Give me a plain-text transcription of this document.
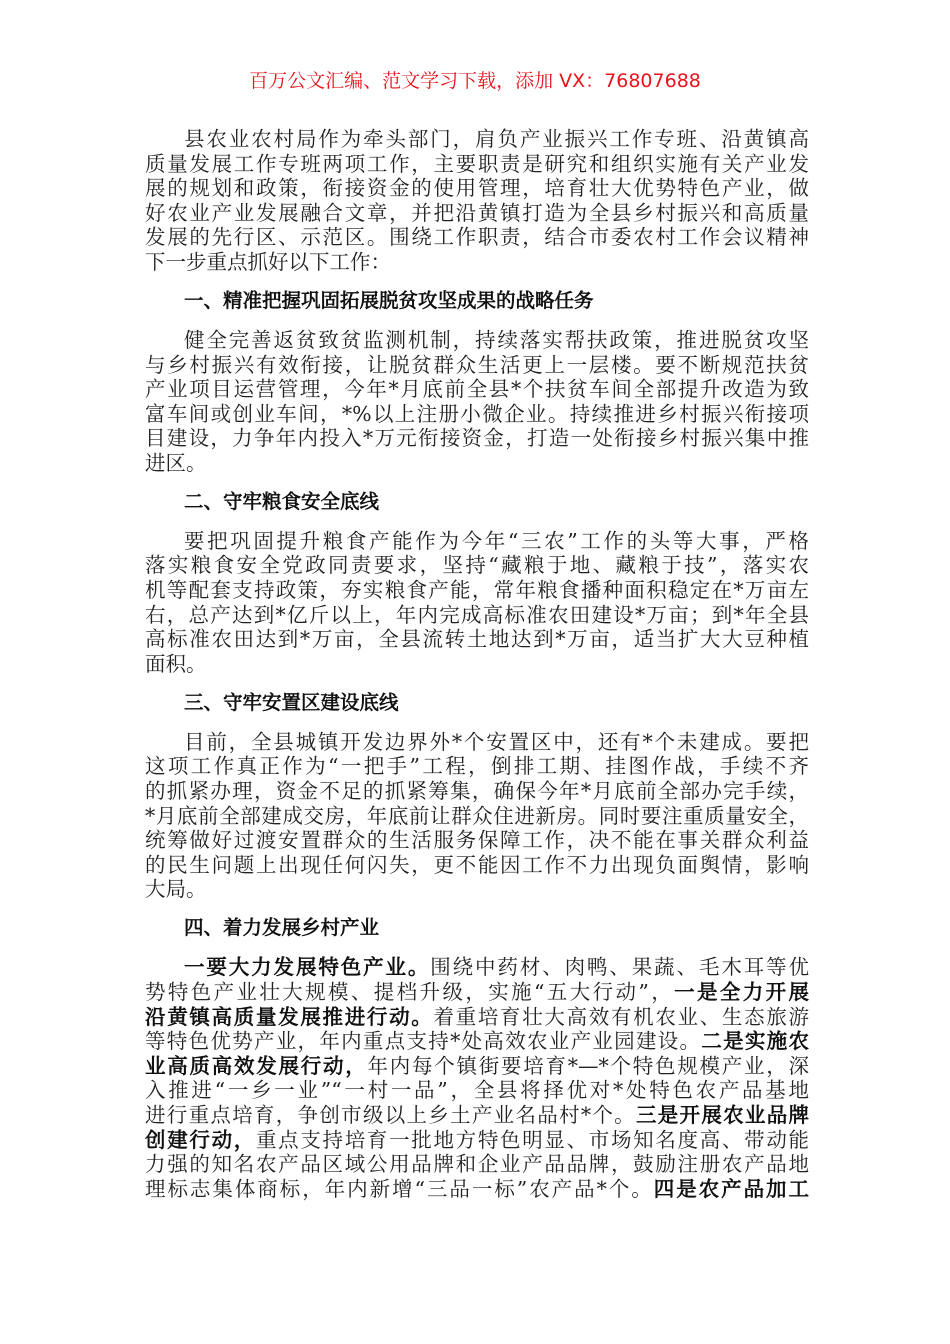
百万公文汇编、范文学习下载，添加 VX：76807688
县农业农村局作为牵头部门，肩负产业振兴工作专班、沿黄镇高
质量发展工作专班两项工作，主要职责是研究和组织实施有关产业发
展的规划和政策，衔接资金的使用管理，培育壮大优势特色产业，做
好农业产业发展融合文章，并把沿黄镇打造为全县乡村振兴和高质量
发展的先行区、示范区。围绕工作职责，结合市委农村工作会议精神
下一步重点抓好以下工作：
一、精准把握巩固拓展脱贫攻坚成果的战略任务
健全完善返贫致贫监测机制，持续落实帮扶政策，推进脱贫攻坚
与乡村振兴有效衔接，让脱贫群众生活更上一层楼。要不断规范扶贫
产业项目运营管理，今年*月底前全县*个扶贫车间全部提升改造为致
富车间或创业车间，*%以上注册小微企业。持续推进乡村振兴衔接项
目建设，力争年内投入*万元衔接资金，打造一处衔接乡村振兴集中推
进区。
二、守牢粮食安全底线
要把巩固提升粮食产能作为今年“三农”工作的头等大事，严格
落实粮食安全党政同责要求，坚持“藏粮于地、藏粮于技”，落实农
机等配套支持政策，夯实粮食产能，常年粮食播种面积稳定在*万亩左
右，总产达到*亿斤以上，年内完成高标准农田建设*万亩；到*年全县
高标准农田达到*万亩，全县流转土地达到*万亩，适当扩大大豆种植
面积。
三、守牢安置区建设底线
目前，全县城镇开发边界外*个安置区中，还有*个未建成。要把
这项工作真正作为“一把手”工程，倒排工期、挂图作战，手续不齐
的抓紧办理，资金不足的抓紧筹集，确保今年*月底前全部办完手续，
*月底前全部建成交房，年底前让群众住进新房。同时要注重质量安全，
统筹做好过渡安置群众的生活服务保障工作，决不能在事关群众利益
的民生问题上出现任何闪失，更不能因工作不力出现负面舆情，影响
大局。
四、着力发展乡村产业
一要大力发展特色产业。围绕中药材、肉鸭、果蔬、毛木耳等优
势特色产业壮大规模、提档升级，实施“五大行动”，一是全力开展
沿黄镇高质量发展推进行动。着重培育壮大高效有机农业、生态旅游
等特色优势产业，年内重点支持*处高效农业产业园建设。二是实施农
业高质高效发展行动，年内每个镇街要培育*—*个特色规模产业，深
入推进“一乡一业”“一村一品”，全县将择优对*处特色农产品基地
进行重点培育，争创市级以上乡土产业名品村*个。三是开展农业品牌
创建行动，重点支持培育一批地方特色明显、市场知名度高、带动能
力强的知名农产品区域公用品牌和企业产品品牌，鼓励注册农产品地
理标志集体商标，年内新增“三品一标”农产品*个。四是农产品加工
